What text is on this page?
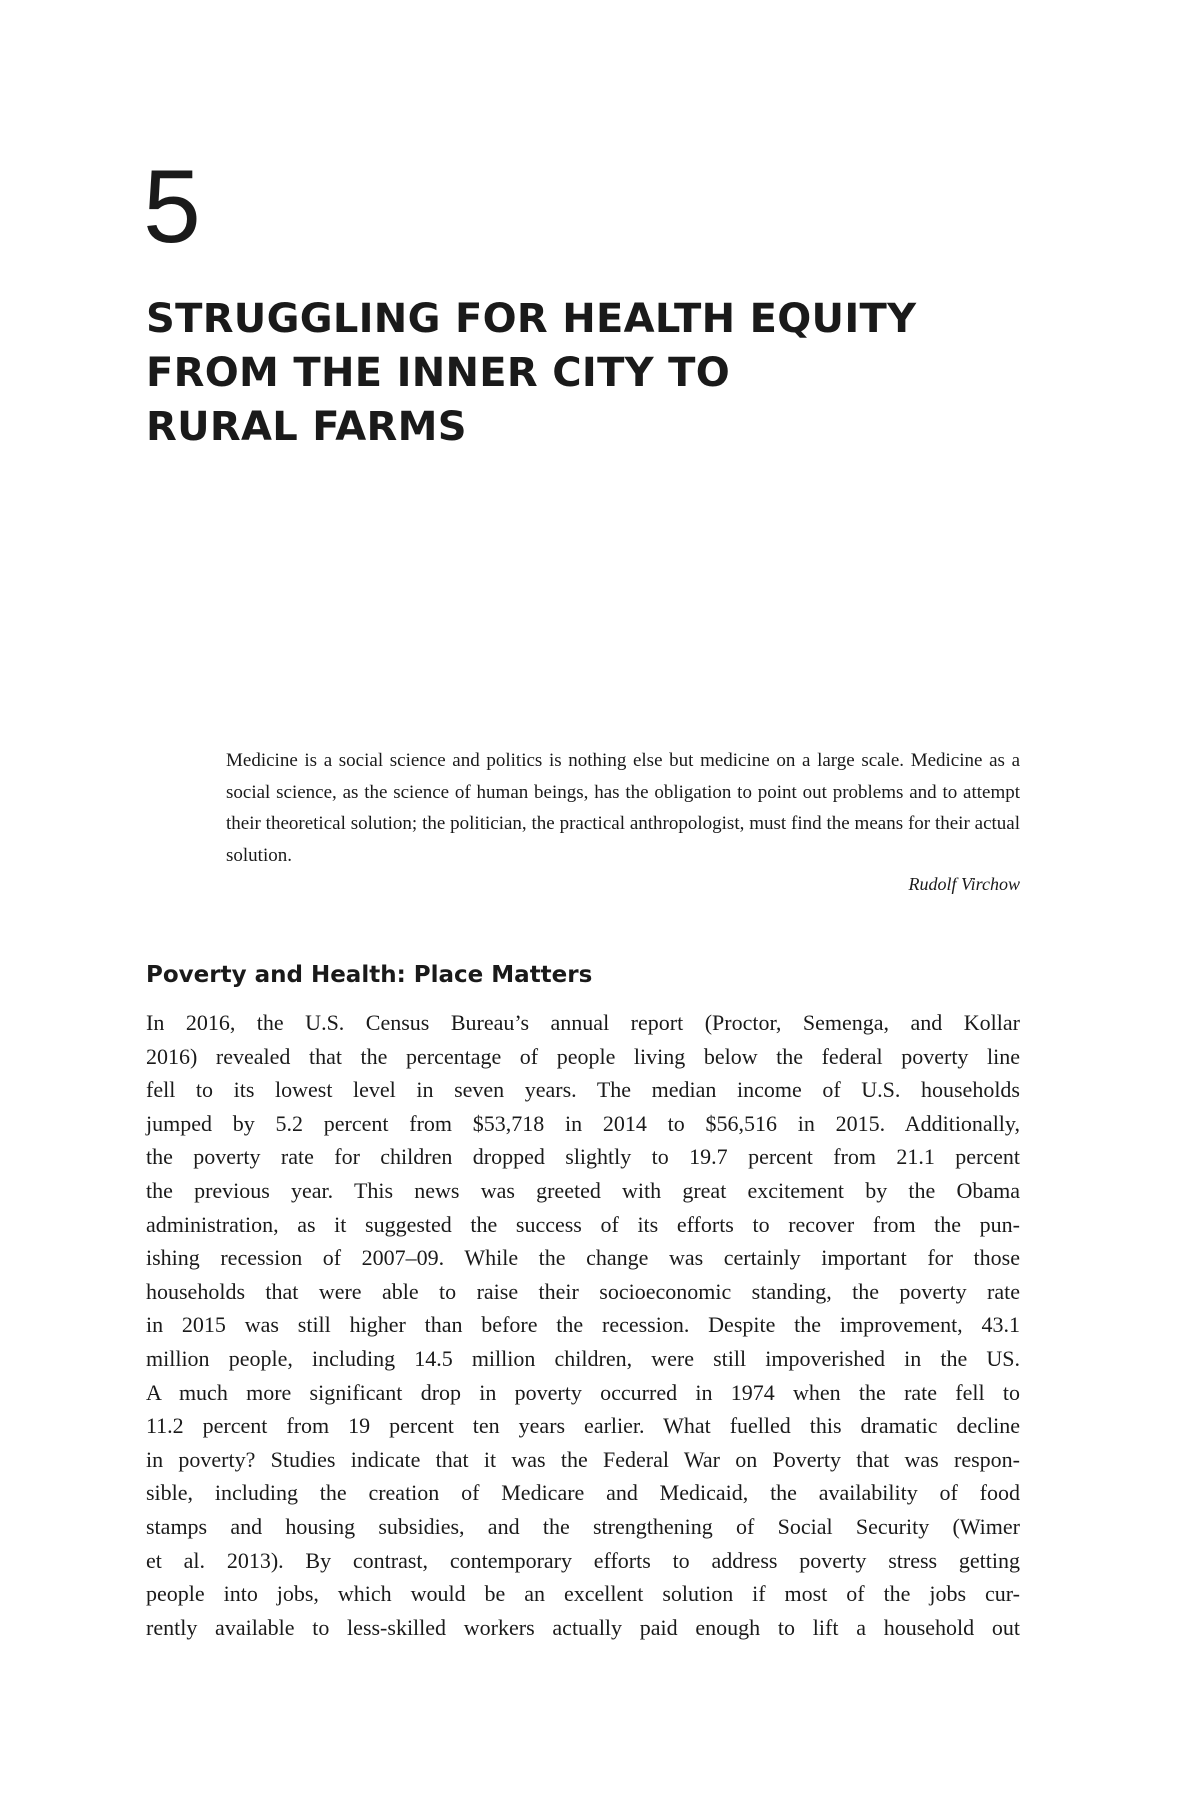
5
STRUGGLING FOR HEALTH EQUITY
FROM THE INNER CITY TO
RURAL FARMS

Medicine is a social science and politics is nothing else but medicine on a large scale. Medicine as a social science, as the science of human beings, has the obligation to point out problems and to attempt their theoretical solution; the politician, the practical anthropologist, must find the means for their actual solution.

Rudolf Virchow
Poverty and Health: Place Matters

In 2016, the U.S. Census Bureau’s annual report (Proctor, Semenga, and Kollar
2016) revealed that the percentage of people living below the federal poverty line
fell to its lowest level in seven years. The median income of U.S. households
jumped by 5.2 percent from $53,718 in 2014 to $56,516 in 2015. Additionally,
the poverty rate for children dropped slightly to 19.7 percent from 21.1 percent
the previous year. This news was greeted with great excitement by the Obama
administration, as it suggested the success of its efforts to recover from the pun-
ishing recession of 2007–09. While the change was certainly important for those
households that were able to raise their socioeconomic standing, the poverty rate
in 2015 was still higher than before the recession. Despite the improvement, 43.1
million people, including 14.5 million children, were still impoverished in the US.
A much more significant drop in poverty occurred in 1974 when the rate fell to
11.2 percent from 19 percent ten years earlier. What fuelled this dramatic decline
in poverty? Studies indicate that it was the Federal War on Poverty that was respon-
sible, including the creation of Medicare and Medicaid, the availability of food
stamps and housing subsidies, and the strengthening of Social Security (Wimer
et al. 2013). By contrast, contemporary efforts to address poverty stress getting
people into jobs, which would be an excellent solution if most of the jobs cur-
rently available to less-skilled workers actually paid enough to lift a household out
